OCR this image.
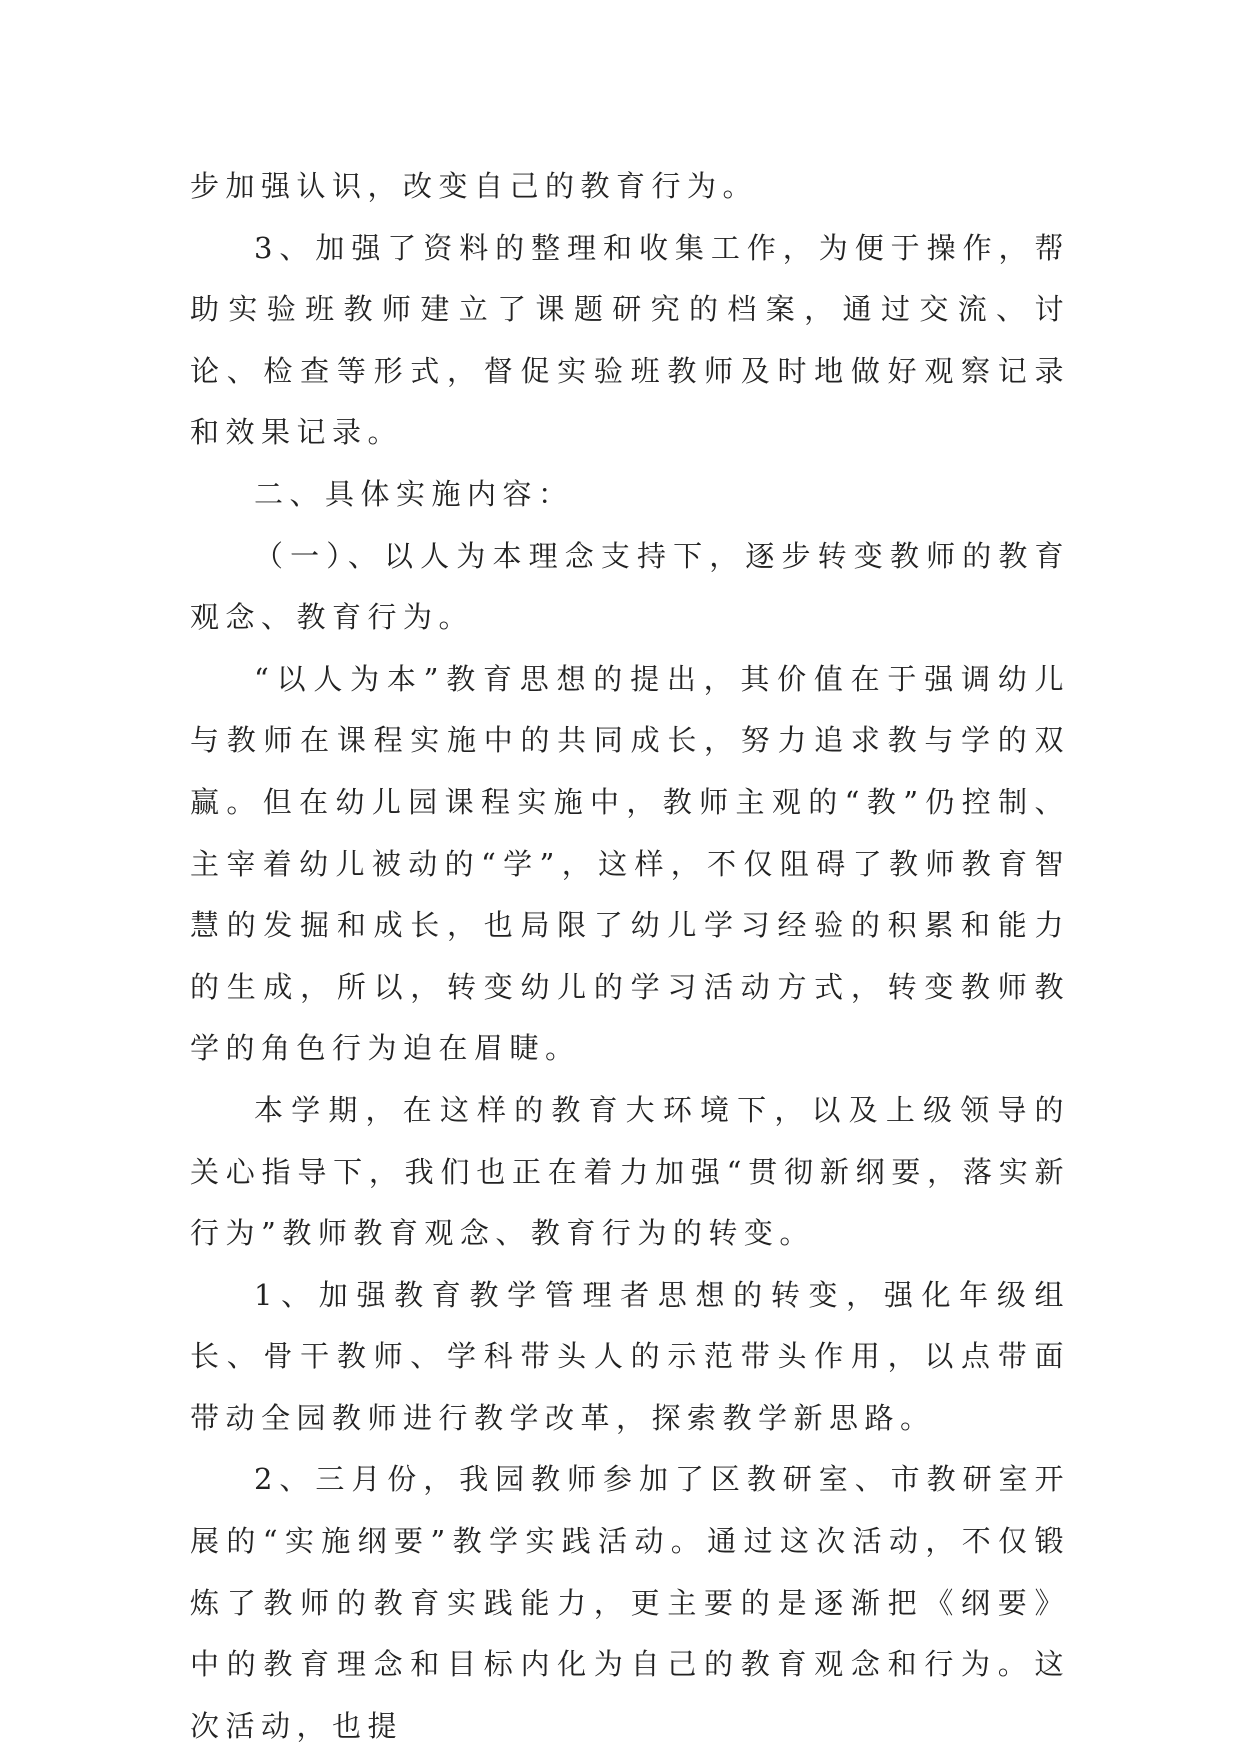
步加强认识，改变自己的教育行为。

3、加强了资料的整理和收集工作，为便于操作，帮助实验班教师建立了课题研究的档案，通过交流、讨论、检查等形式，督促实验班教师及时地做好观察记录和效果记录。

二、具体实施内容：

（一）、以人为本理念支持下，逐步转变教师的教育观念、教育行为。

“以人为本”教育思想的提出，其价值在于强调幼儿与教师在课程实施中的共同成长，努力追求教与学的双赢。但在幼儿园课程实施中，教师主观的“教”仍控制、主宰着幼儿被动的“学”，这样，不仅阻碍了教师教育智慧的发掘和成长，也局限了幼儿学习经验的积累和能力的生成，所以，转变幼儿的学习活动方式，转变教师教学的角色行为迫在眉睫。

本学期，在这样的教育大环境下，以及上级领导的关心指导下，我们也正在着力加强“贯彻新纲要，落实新行为”教师教育观念、教育行为的转变。

1、加强教育教学管理者思想的转变，强化年级组长、骨干教师、学科带头人的示范带头作用，以点带面带动全园教师进行教学改革，探索教学新思路。

2、三月份，我园教师参加了区教研室、市教研室开展的“实施纲要”教学实践活动。通过这次活动，不仅锻炼了教师的教育实践能力，更主要的是逐渐把《纲要》中的教育理念和目标内化为自己的教育观念和行为。这次活动，也提
